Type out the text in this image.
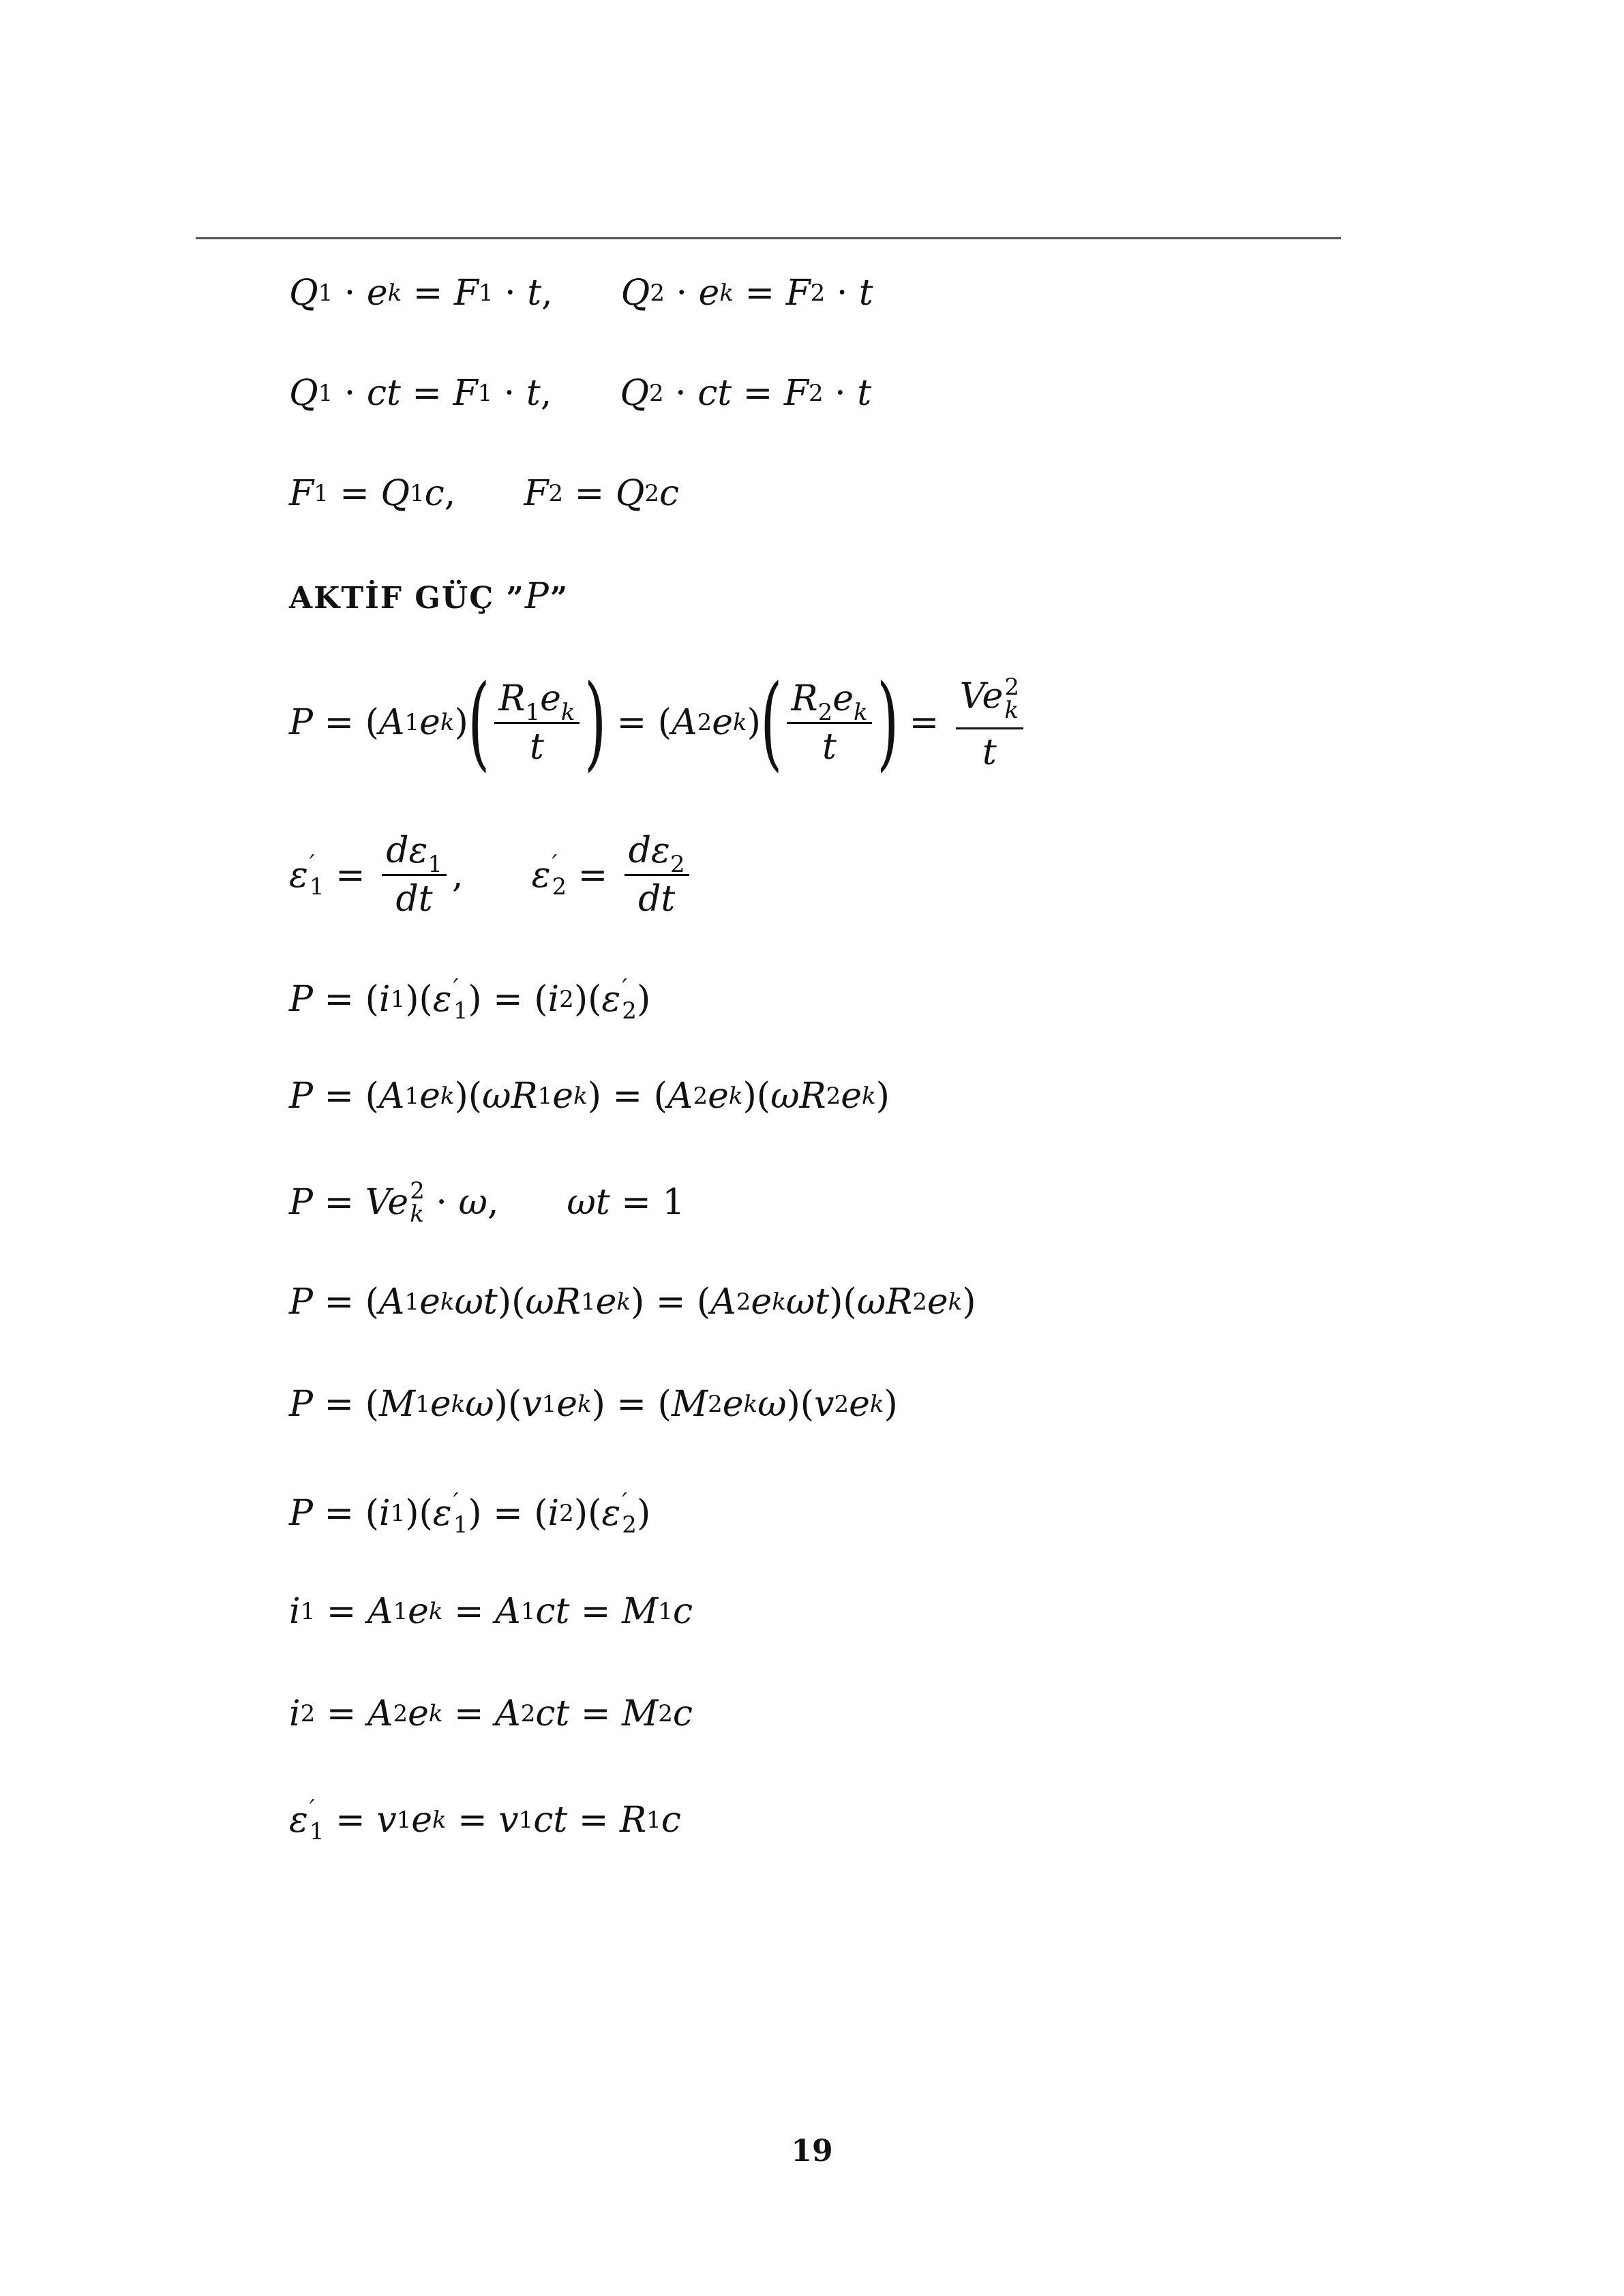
Q 1 · e k = F 1 · t , Q 2 · e k = F 2 · t
Q 1 · ct = F 1 · t , Q 2 · ct = F 2 · t
F 1 = Q 1 c , F 2 = Q 2 c
AKTİF GÜÇ ”P”
P = ( A 1 e k ) ( $\frac{R_1e_k}{t}$ ) = ( A 2 e k ) ( $\frac{R_2e_k}{t}$ ) = Ve 2
k
t
ε ′
$1 = \frac{d\varepsilon_1}{dt}$ , ε ′
$2 = \frac{d\varepsilon_2}{dt}$
P = ( i 1 )( ε ′
1 ) = ( i 2 )( ε ′
2 )
P = ( A 1 e k )( ωR 1 e k ) = ( A 2 e k )( ωR 2 e k )
P = Ve 2
k · ω , ωt = 1
P = ( A 1 e k ωt )( ωR 1 e k ) = ( A 2 e k ωt )( ωR 2 e k )
P = ( M 1 e k ω )( v 1 e k ) = ( M 2 e k ω )( v 2 e k )
P = ( i 1 )( ε ′
1 ) = ( i 2 )( ε ′
2 )
i 1 = A 1 e k = A 1 ct = M 1 c
i 2 = A 2 e k = A 2 ct = M 2 c
ε ′
1 = v 1 e k = v 1 ct = R 1 c
19
